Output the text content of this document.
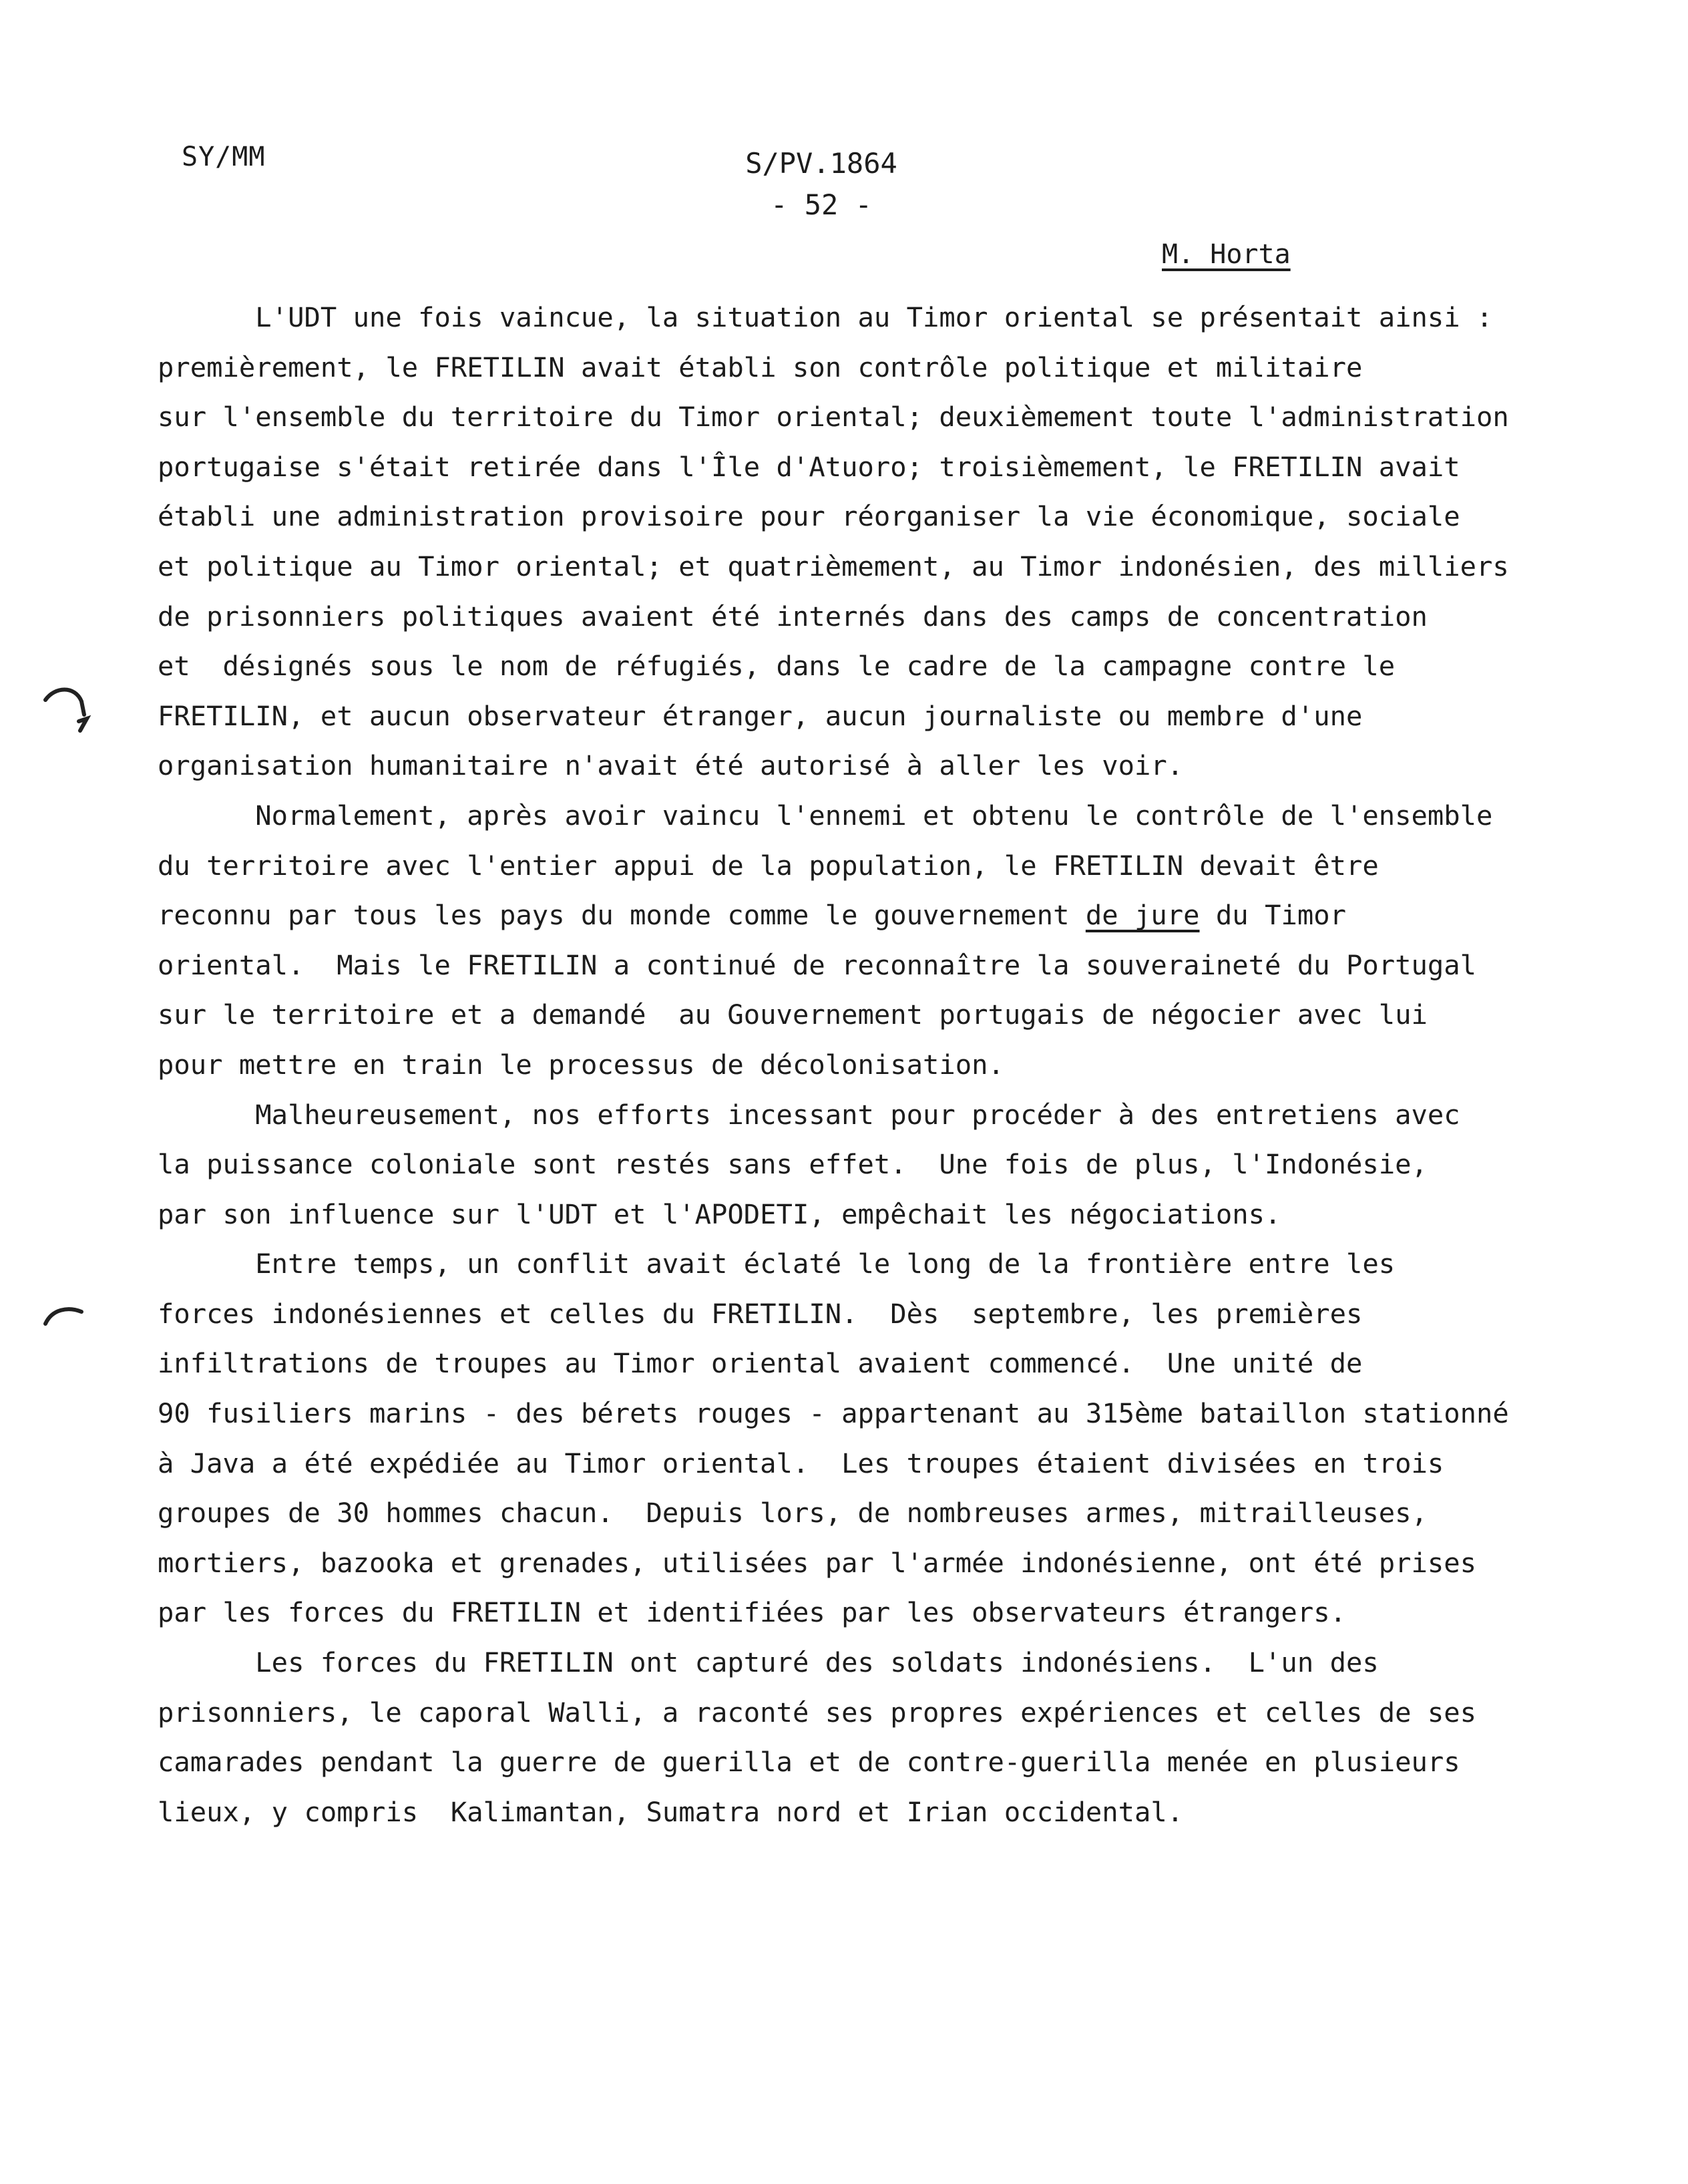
SY/MM	S/PV.1864
- 52 -
M. Horta
L'UDT une fois vaincue, la situation au Timor oriental se présentait ainsi :
premièrement, le FRETILIN avait établi son contrôle politique et militaire
sur l'ensemble du territoire du Timor oriental; deuxièmement toute l'administration
portugaise s'était retirée dans l'Île d'Atuoro; troisièmement, le FRETILIN avait
établi une administration provisoire pour réorganiser la vie économique, sociale
et politique au Timor oriental; et quatrièmement, au Timor indonésien, des milliers
de prisonniers politiques avaient été internés dans des camps de concentration
et  désignés sous le nom de réfugiés, dans le cadre de la campagne contre le
FRETILIN, et aucun observateur étranger, aucun journaliste ou membre d'une
organisation humanitaire n'avait été autorisé à aller les voir.
Normalement, après avoir vaincu l'ennemi et obtenu le contrôle de l'ensemble
du territoire avec l'entier appui de la population, le FRETILIN devait être
reconnu par tous les pays du monde comme le gouvernement de jure du Timor
oriental.  Mais le FRETILIN a continué de reconnaître la souveraineté du Portugal
sur le territoire et a demandé  au Gouvernement portugais de négocier avec lui
pour mettre en train le processus de décolonisation.
Malheureusement, nos efforts incessant pour procéder à des entretiens avec
la puissance coloniale sont restés sans effet.  Une fois de plus, l'Indonésie,
par son influence sur l'UDT et l'APODETI, empêchait les négociations.
Entre temps, un conflit avait éclaté le long de la frontière entre les
forces indonésiennes et celles du FRETILIN.  Dès  septembre, les premières
infiltrations de troupes au Timor oriental avaient commencé.  Une unité de
90 fusiliers marins - des bérets rouges - appartenant au 315ème bataillon stationné
à Java a été expédiée au Timor oriental.  Les troupes étaient divisées en trois
groupes de 30 hommes chacun.  Depuis lors, de nombreuses armes, mitrailleuses,
mortiers, bazooka et grenades, utilisées par l'armée indonésienne, ont été prises
par les forces du FRETILIN et identifiées par les observateurs étrangers.
Les forces du FRETILIN ont capturé des soldats indonésiens.  L'un des
prisonniers, le caporal Walli, a raconté ses propres expériences et celles de ses
camarades pendant la guerre de guerilla et de contre-guerilla menée en plusieurs
lieux, y compris  Kalimantan, Sumatra nord et Irian occidental.
